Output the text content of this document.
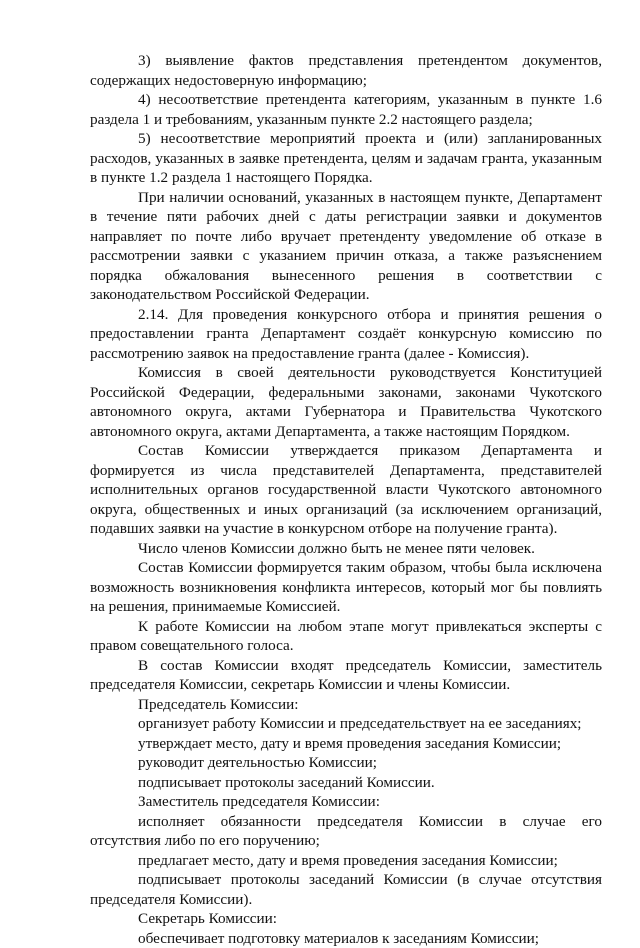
3) выявление фактов представления претендентом документов, содержащих недостоверную информацию;

4) несоответствие претендента категориям, указанным в пункте 1.6 раздела 1 и требованиям, указанным пункте 2.2 настоящего раздела;

5) несоответствие мероприятий проекта и (или) запланированных расходов, указанных в заявке претендента, целям и задачам гранта, указанным в пункте 1.2 раздела 1 настоящего Порядка.

При наличии оснований, указанных в настоящем пункте, Департамент в течение пяти рабочих дней с даты регистрации заявки и документов направляет по почте либо вручает претенденту уведомление об отказе в рассмотрении заявки с указанием причин отказа, а также разъяснением порядка обжалования вынесенного решения в соответствии с законодательством Российской Федерации.

2.14. Для проведения конкурсного отбора и принятия решения о предоставлении гранта Департамент создаёт конкурсную комиссию по рассмотрению заявок на предоставление гранта (далее - Комиссия).

Комиссия в своей деятельности руководствуется Конституцией Российской Федерации, федеральными законами, законами Чукотского автономного округа, актами Губернатора и Правительства Чукотского автономного округа, актами Департамента, а также настоящим Порядком.

Состав Комиссии утверждается приказом Департамента и формируется из числа представителей Департамента, представителей исполнительных органов государственной власти Чукотского автономного округа, общественных и иных организаций (за исключением организаций, подавших заявки на участие в конкурсном отборе на получение гранта).

Число членов Комиссии должно быть не менее пяти человек.

Состав Комиссии формируется таким образом, чтобы была исключена возможность возникновения конфликта интересов, который мог бы повлиять на решения, принимаемые Комиссией.

К работе Комиссии на любом этапе могут привлекаться эксперты с правом совещательного голоса.

В состав Комиссии входят председатель Комиссии, заместитель председателя Комиссии, секретарь Комиссии и члены Комиссии.

Председатель Комиссии:

организует работу Комиссии и председательствует на ее заседаниях;

утверждает место, дату и время проведения заседания Комиссии;

руководит деятельностью Комиссии;

подписывает протоколы заседаний Комиссии.

Заместитель председателя Комиссии:

исполняет обязанности председателя Комиссии в случае его отсутствия либо по его поручению;

предлагает место, дату и время проведения заседания Комиссии;

подписывает протоколы заседаний Комиссии (в случае отсутствия председателя Комиссии).

Секретарь Комиссии:

обеспечивает подготовку материалов к заседаниям Комиссии;
